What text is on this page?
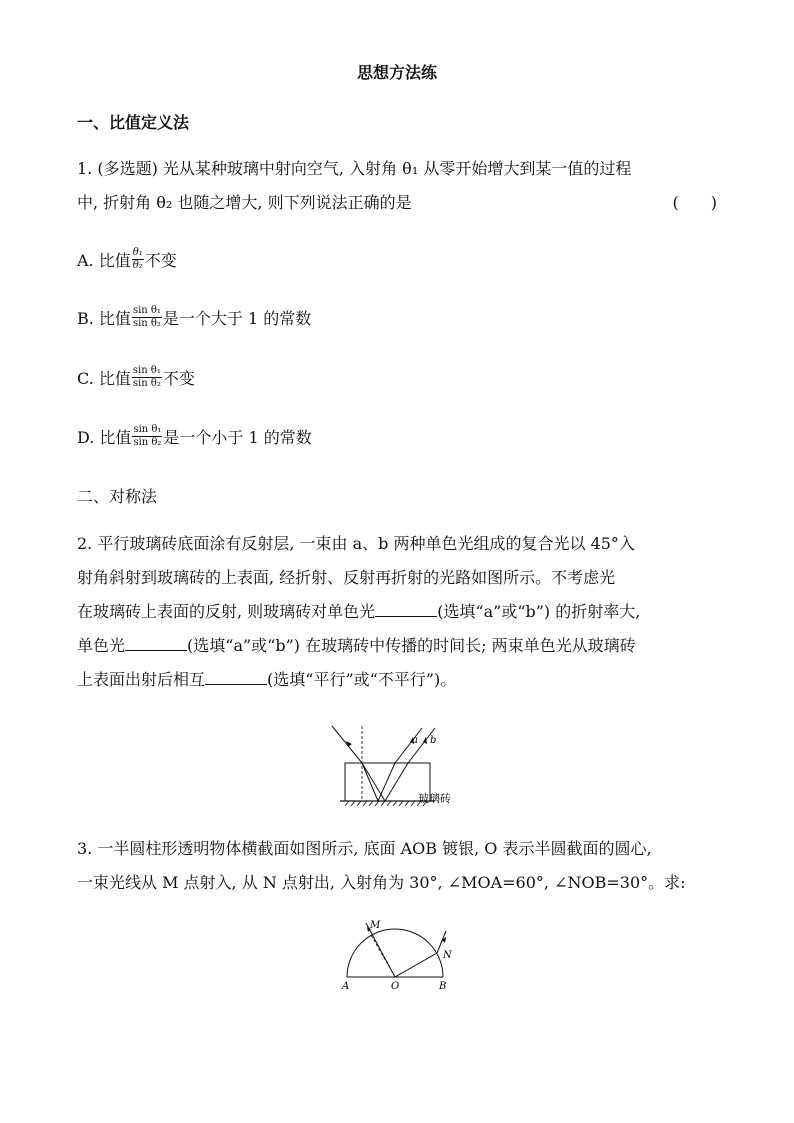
思想方法练
一、比值定义法
1. (多选题) 光从某种玻璃中射向空气, 入射角 θ₁ 从零开始增大到某一值的过程
中, 折射角 θ₂ 也随之增大, 则下列说法正确的是	(　　)
A. 比值 $\frac{\text{θ₁}}{\text{θ₂}}$ 不变
B. 比值 $\frac{\text{sin θ₁}}{\text{sin θ₂}}$ 是一个大于 1 的常数
C. 比值 $\frac{\text{sin θ₁}}{\text{sin θ₂}}$ 不变
D. 比值 $\frac{\text{sin θ₁}}{\text{sin θ₂}}$ 是一个小于 1 的常数
二、对称法
2. 平行玻璃砖底面涂有反射层, 一束由 a、b 两种单色光组成的复合光以 45°入
射角斜射到玻璃砖的上表面, 经折射、反射再折射的光路如图所示。不考虑光
在玻璃砖上表面的反射, 则玻璃砖对单色光	(选填“a”或“b”) 的折射率大,
单色光	(选填“a”或“b”) 在玻璃砖中传播的时间长; 两束单色光从玻璃砖
上表面出射后相互	(选填“平行”或“不平行”)。
a b
玻璃砖
3. 一半圆柱形透明物体横截面如图所示, 底面 AOB 镀银, O 表示半圆截面的圆心,
一束光线从 M 点射入, 从 N 点射出, 入射角为 30°, ∠MOA=60°, ∠NOB=30°。求:
M
N
A	O	B
